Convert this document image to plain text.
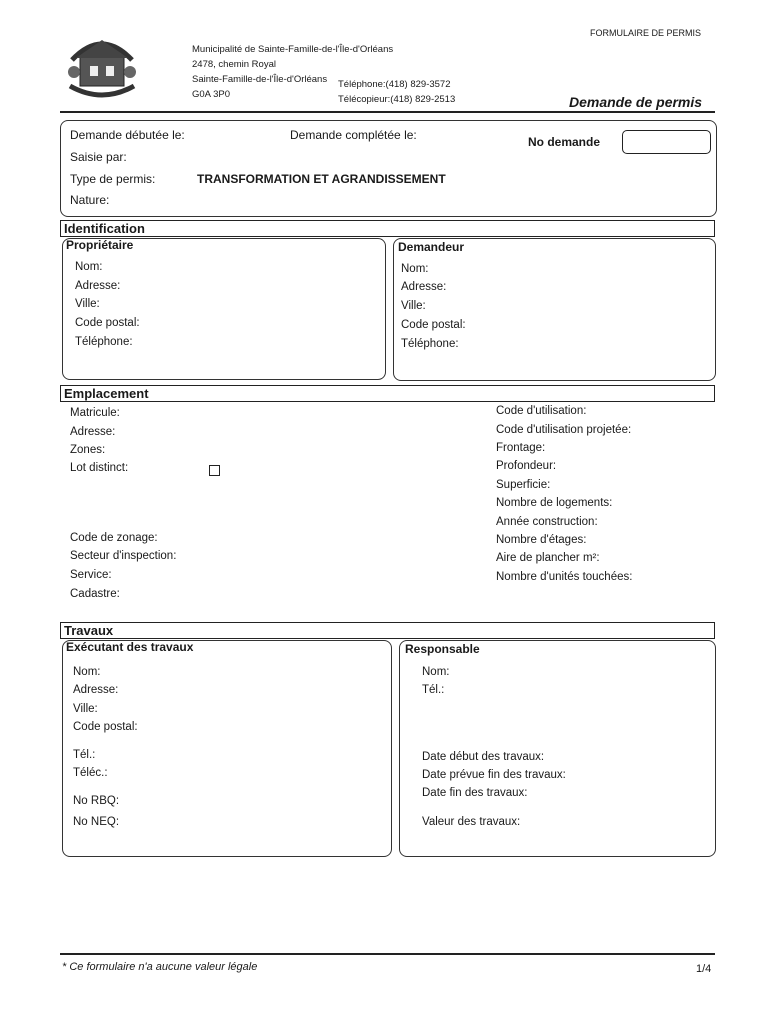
FORMULAIRE DE PERMIS
Municipalité de Sainte-Famille-de-l'Île-d'Orléans
2478, chemin Royal
Sainte-Famille-de-l'Île-d'Orléans
G0A 3P0
Téléphone:(418) 829-3572
Télécopieur:(418) 829-2513	Demande de permis
Demande débutée le:	Demande complétée le:	No demande
Saisie par:
Type de permis:	TRANSFORMATION ET AGRANDISSEMENT
Nature:
Identification
Propriétaire
Nom:
Adresse:
Ville:
Code postal:
Téléphone:
Demandeur
Nom:
Adresse:
Ville:
Code postal:
Téléphone:
Emplacement
Matricule:
Adresse:
Zones:
Lot distinct:
Code de zonage:
Secteur d'inspection:
Service:
Cadastre:
Code d'utilisation:
Code d'utilisation projetée:
Frontage:
Profondeur:
Superficie:
Nombre de logements:
Année construction:
Nombre d'étages:
Aire de plancher m²:
Nombre d'unités touchées:
Travaux
Exécutant des travaux
Nom:
Adresse:
Ville:
Code postal:
Tél.:
Téléc.:
No RBQ:
No NEQ:
Responsable
Nom:
Tél.:
Date début des travaux:
Date prévue fin des travaux:
Date fin des travaux:
Valeur des travaux:
* Ce formulaire n'a aucune valeur légale	1/4
